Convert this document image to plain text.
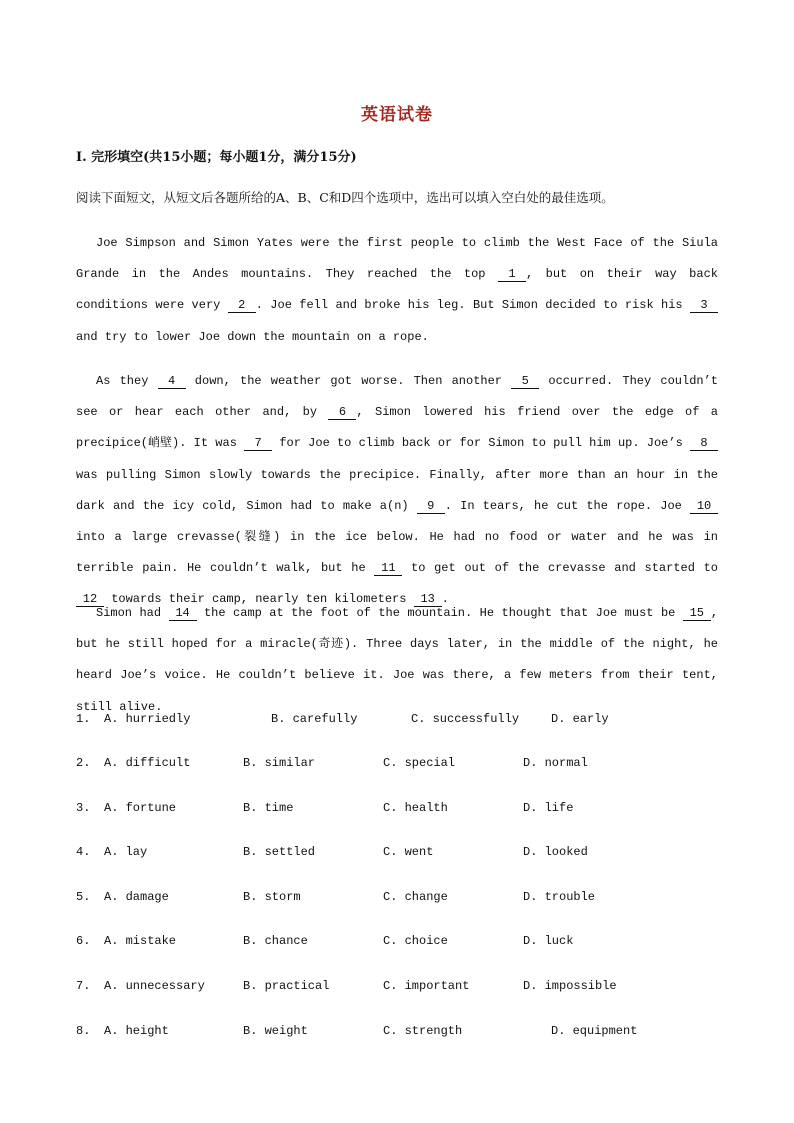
英语试卷
I. 完形填空(共15小题；每小题1分，满分15分)
阅读下面短文，从短文后各题所给的A、B、C和D四个选项中，选出可以填入空白处的最佳选项。
Joe Simpson and Simon Yates were the first people to climb the West Face of the Siula Grande in the Andes mountains. They reached the top 1 , but on their way back conditions were very 2 . Joe fell and broke his leg. But Simon decided to risk his 3 and try to lower Joe down the mountain on a rope.
As they 4 down, the weather got worse. Then another 5 occurred. They couldn’t see or hear each other and, by 6 , Simon lowered his friend over the edge of a precipice(峭壁). It was 7 for Joe to climb back or for Simon to pull him up. Joe’s 8 was pulling Simon slowly towards the precipice. Finally, after more than an hour in the dark and the icy cold, Simon had to make a(n) 9 . In tears, he cut the rope. Joe 10 into a large crevasse(裂缝) in the ice below. He had no food or water and he was in terrible pain. He couldn’t walk, but he 11 to get out of the crevasse and started to 12 towards their camp, nearly ten kilometers 13 .
Simon had 14 the camp at the foot of the mountain. He thought that Joe must be 15 , but he still hoped for a miracle(奇迹). Three days later, in the middle of the night, he heard Joe’s voice. He couldn’t believe it. Joe was there, a few meters from their tent, still alive.
1. A. hurriedly	B. carefully	C. successfully	D. early
2. A. difficult	B. similar	C. special	D. normal
3. A. fortune	B. time	C. health	D. life
4. A. lay	B. settled	C. went	D. looked
5. A. damage	B. storm	C. change	D. trouble
6. A. mistake	B. chance	C. choice	D. luck
7. A. unnecessary	B. practical	C. important	D. impossible
8. A. height	B. weight	C. strength	D. equipment
